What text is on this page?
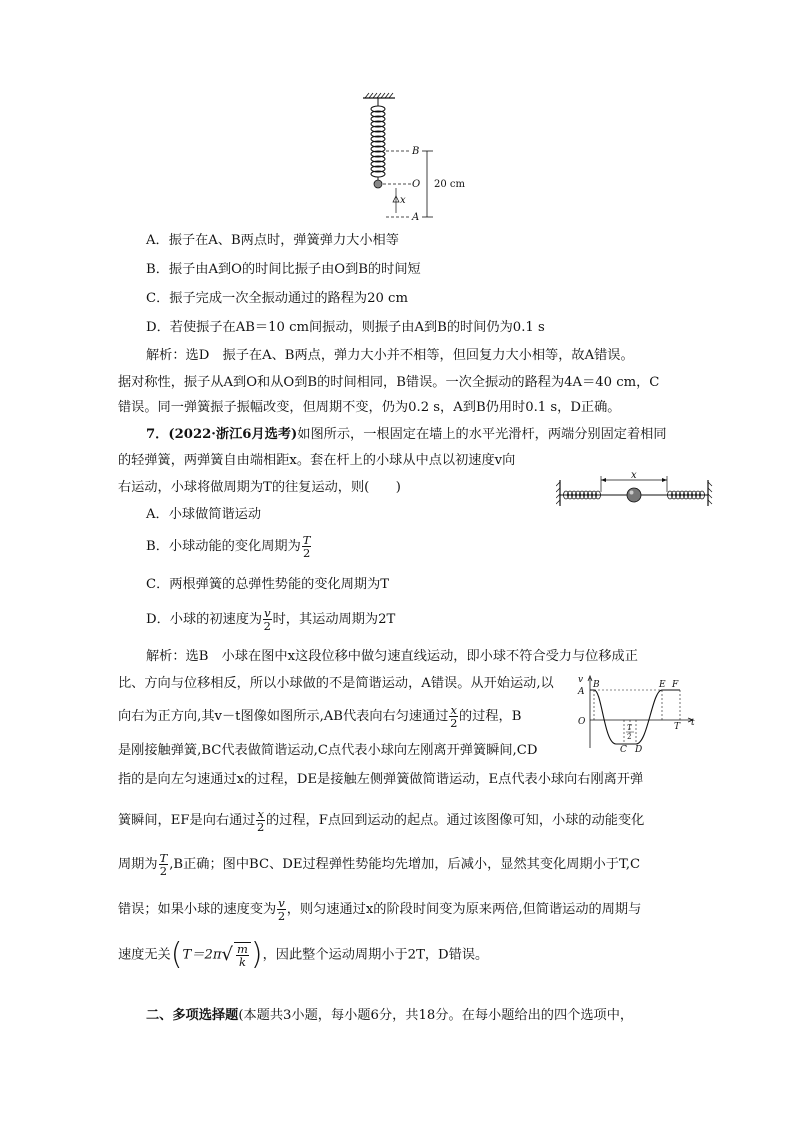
x
B
O
A
20 cm
A．振子在A、B两点时，弹簧弹力大小相等
B．振子由A到O的时间比振子由O到B的时间短
C．振子完成一次全振动通过的路程为20 cm
D．若使振子在AB＝10 cm间振动，则振子由A到B的时间仍为0.1 s
解析：选D　振子在A、B两点，弹力大小并不相等，但回复力大小相等，故A错误。
据对称性，振子从A到O和从O到B的时间相同，B错误。一次全振动的路程为4A＝40 cm，C
错误。同一弹簧振子振幅改变，但周期不变，仍为0.2 s，A到B仍用时0.1 s，D正确。
7．(2022·浙江6月选考)如图所示，一根固定在墙上的水平光滑杆，两端分别固定着相同
的轻弹簧，两弹簧自由端相距x。套在杆上的小球从中点以初速度v向
右运动，小球将做周期为T的往复运动，则(　　)
x
A．小球做简谐运动
B．小球动能的变化周期为 $\frac{T}{2}$
C．两根弹簧的总弹性势能的变化周期为T
D．小球的初速度为 $\frac{v}{2}$ 时，其运动周期为2T
解析：选B　小球在图中x这段位移中做匀速直线运动，即小球不符合受力与位移成正
比、方向与位移相反，所以小球做的不是简谐运动，A错误。从开始运动,以
向右为正方向,其v－t图像如图所示,AB代表向右匀速通过 $\frac{x}{2}$ 的过程，B
v
t
A
O
B	E F
C D
T
T
2
是刚接触弹簧,BC代表做简谐运动,C点代表小球向左刚离开弹簧瞬间,CD
指的是向左匀速通过x的过程，DE是接触左侧弹簧做简谐运动，E点代表小球向右刚离开弹
簧瞬间，EF是向右通过 $\frac{x}{2}$ 的过程，F点回到运动的起点。通过该图像可知，小球的动能变化
周期为 $\frac{T}{2} ,B$正确；图中BC、DE过程弹性势能均先增加，后减小，显然其变化周期小于T,C
错误；如果小球的速度变为 $\frac{v}{2}$ ，则匀速通过x的阶段时间变为原来两倍,但简谐运动的周期与
速度无关($T=2\pi√ \frac{m}{k}$ )，因此整个运动周期小于2T，D错误。
二、多项选择题(本题共3小题，每小题6分，共18分。在每小题给出的四个选项中，
